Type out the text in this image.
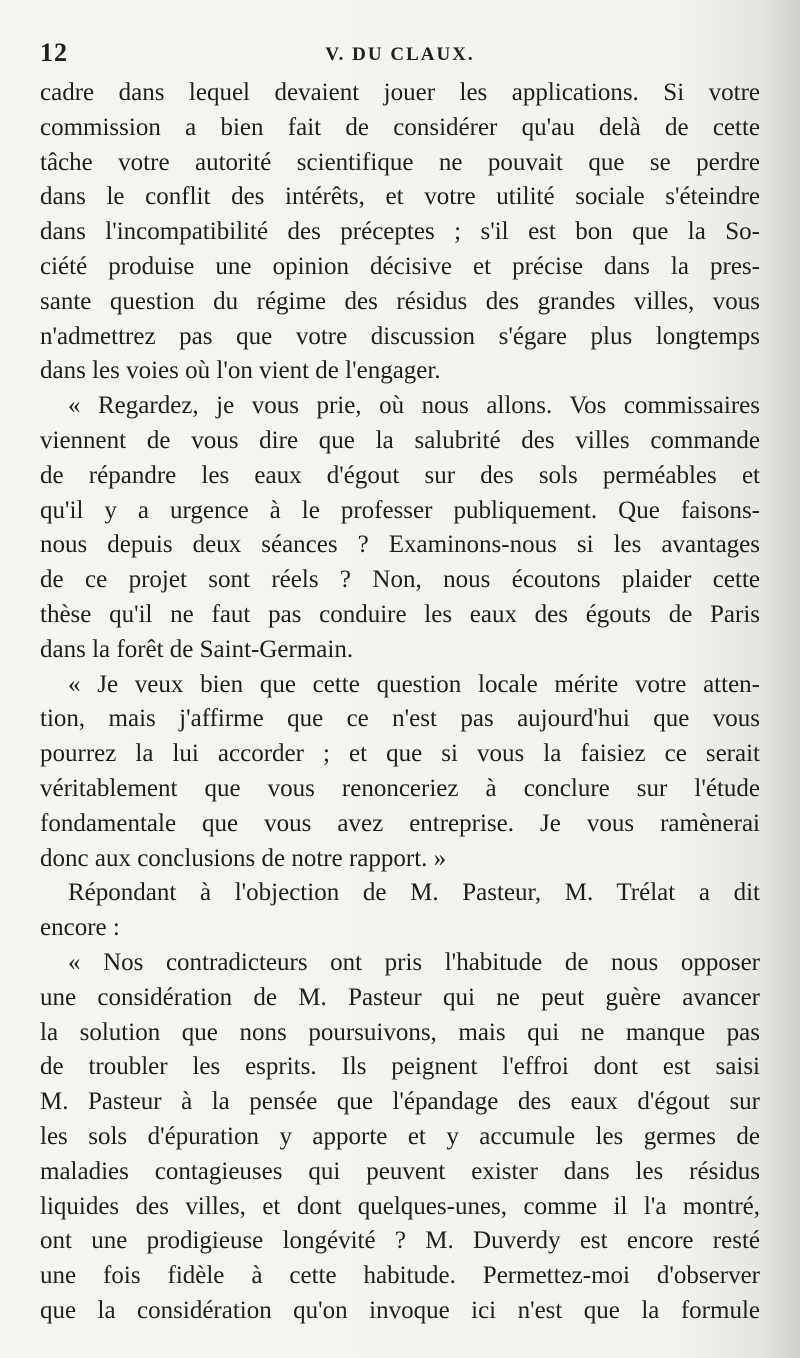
12	V. DU CLAUX.
cadre dans lequel devaient jouer les applications. Si votre
commission a bien fait de considérer qu'au delà de cette
tâche votre autorité scientifique ne pouvait que se perdre
dans le conflit des intérêts, et votre utilité sociale s'éteindre
dans l'incompatibilité des préceptes ; s'il est bon que la So-
ciété produise une opinion décisive et précise dans la pres-
sante question du régime des résidus des grandes villes, vous
n'admettrez pas que votre discussion s'égare plus longtemps
dans les voies où l'on vient de l'engager.
« Regardez, je vous prie, où nous allons. Vos commissaires
viennent de vous dire que la salubrité des villes commande
de répandre les eaux d'égout sur des sols perméables et
qu'il y a urgence à le professer publiquement. Que faisons-
nous depuis deux séances ? Examinons-nous si les avantages
de ce projet sont réels ? Non, nous écoutons plaider cette
thèse qu'il ne faut pas conduire les eaux des égouts de Paris
dans la forêt de Saint-Germain.
« Je veux bien que cette question locale mérite votre atten-
tion, mais j'affirme que ce n'est pas aujourd'hui que vous
pourrez la lui accorder ; et que si vous la faisiez ce serait
véritablement que vous renonceriez à conclure sur l'étude
fondamentale que vous avez entreprise. Je vous ramènerai
donc aux conclusions de notre rapport. »
Répondant à l'objection de M. Pasteur, M. Trélat a dit
encore :
« Nos contradicteurs ont pris l'habitude de nous opposer
une considération de M. Pasteur qui ne peut guère avancer
la solution que nons poursuivons, mais qui ne manque pas
de troubler les esprits. Ils peignent l'effroi dont est saisi
M. Pasteur à la pensée que l'épandage des eaux d'égout sur
les sols d'épuration y apporte et y accumule les germes de
maladies contagieuses qui peuvent exister dans les résidus
liquides des villes, et dont quelques-unes, comme il l'a montré,
ont une prodigieuse longévité ? M. Duverdy est encore resté
une fois fidèle à cette habitude. Permettez-moi d'observer
que la considération qu'on invoque ici n'est que la formule
